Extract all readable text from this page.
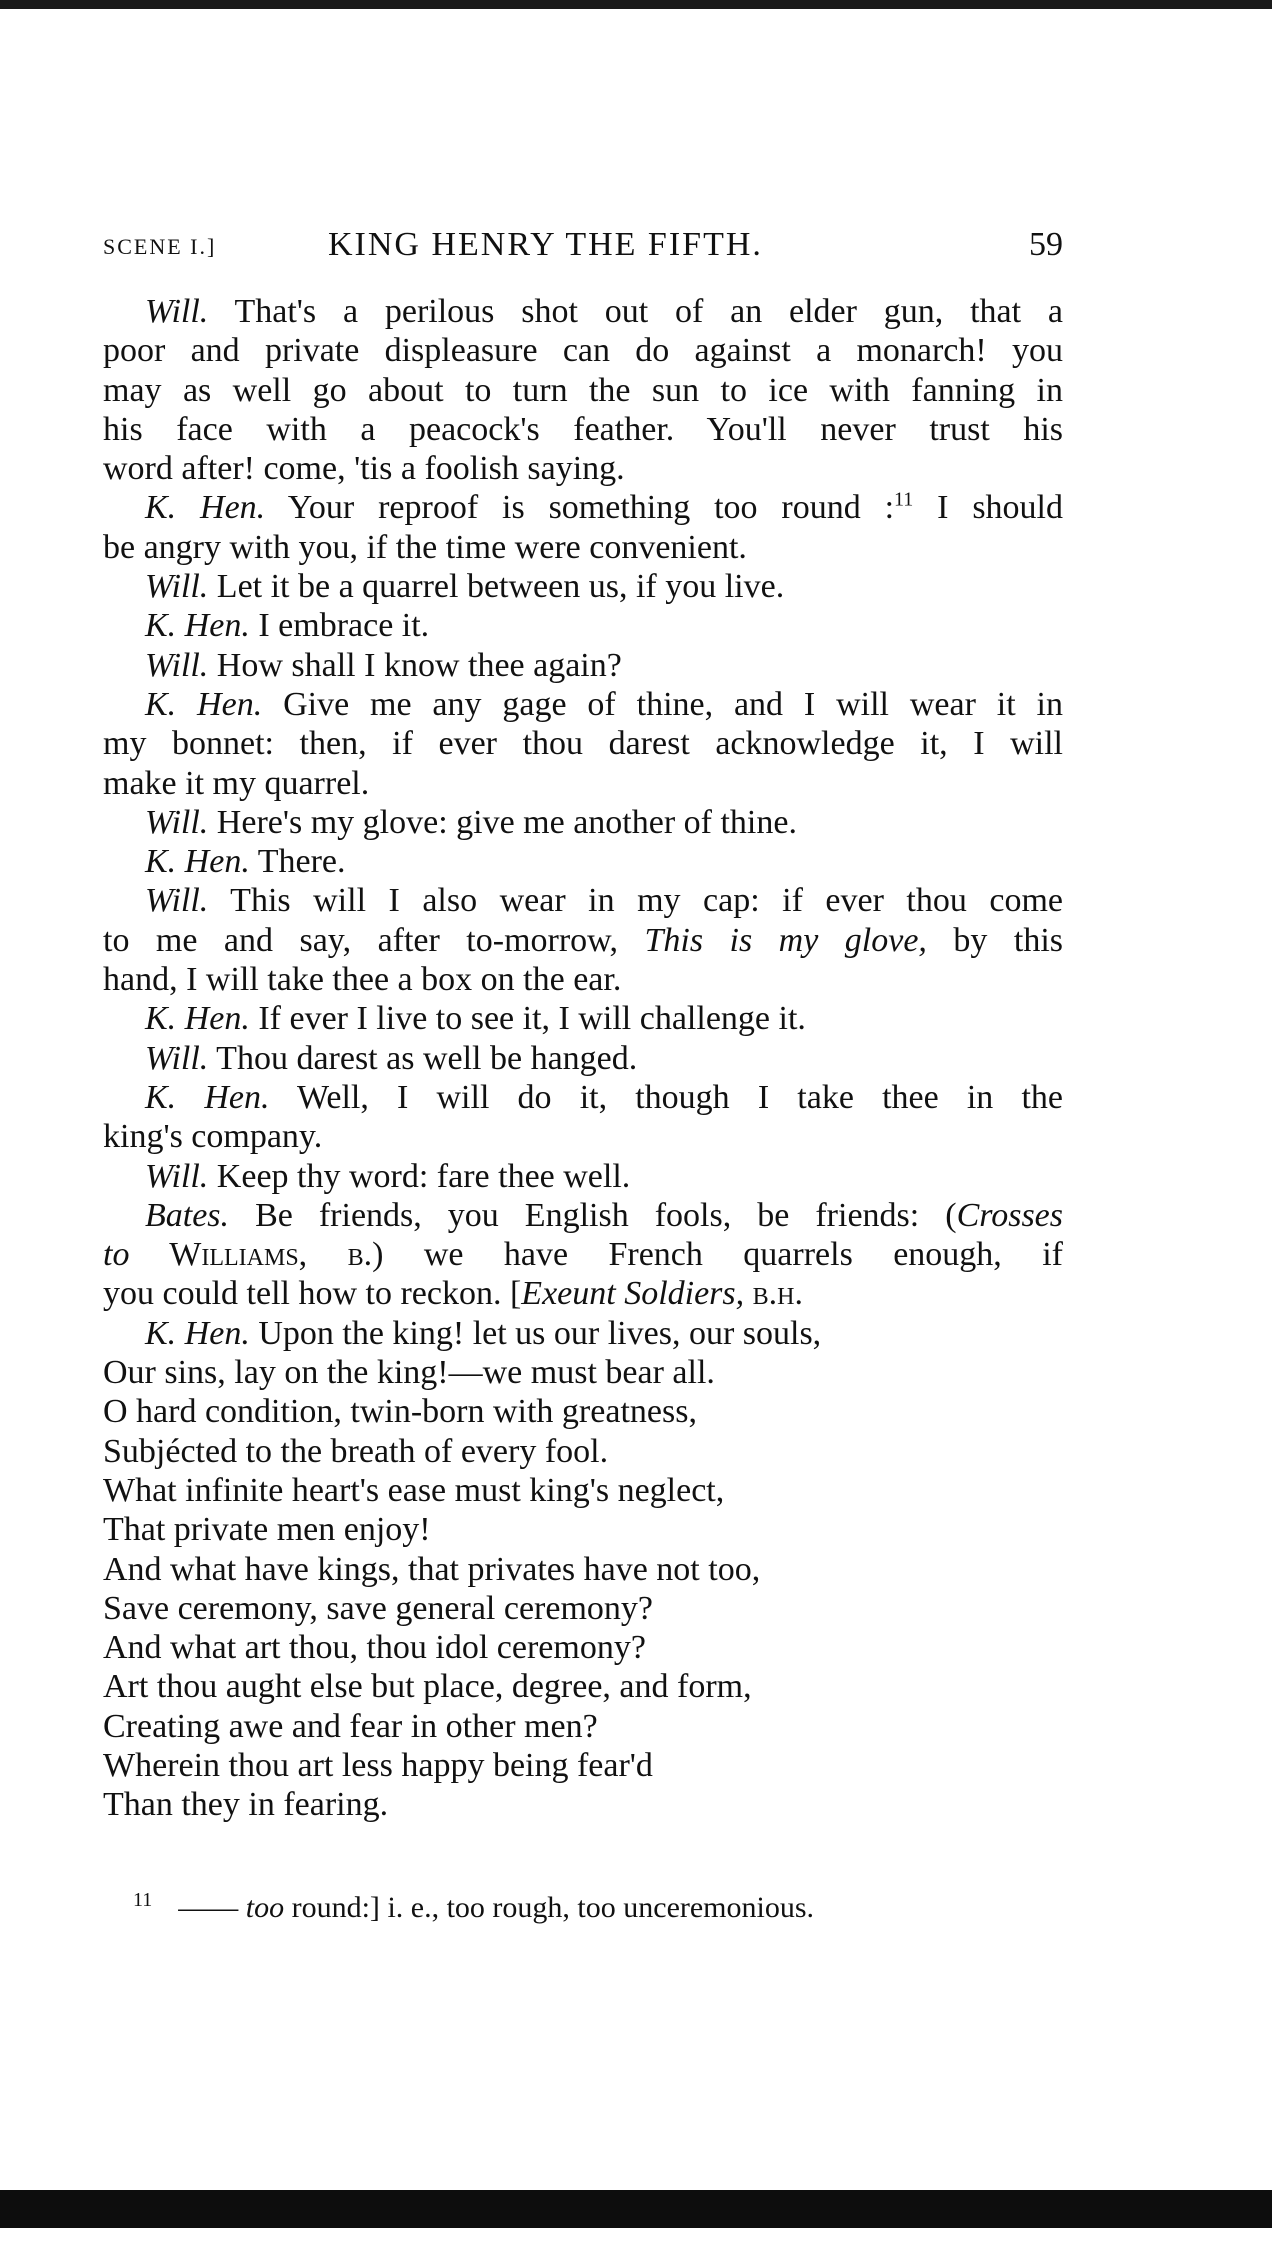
SCENE I.]	KING HENRY THE FIFTH.	59
Will. That's a perilous shot out of an elder gun, that a
poor and private displeasure can do against a monarch! you
may as well go about to turn the sun to ice with fanning in
his face with a peacock's feather. You'll never trust his
word after! come, 'tis a foolish saying.
K. Hen. Your reproof is something too round :$^{11}$ I should
be angry with you, if the time were convenient.
Will. Let it be a quarrel between us, if you live.
K. Hen. I embrace it.
Will. How shall I know thee again?
K. Hen. Give me any gage of thine, and I will wear it in
my bonnet: then, if ever thou darest acknowledge it, I will
make it my quarrel.
Will. Here's my glove: give me another of thine.
K. Hen. There.
Will. This will I also wear in my cap: if ever thou come
to me and say, after to-morrow, This is my glove, by this
hand, I will take thee a box on the ear.
K. Hen. If ever I live to see it, I will challenge it.
Will. Thou darest as well be hanged.
K. Hen. Well, I will do it, though I take thee in the
king's company.
Will. Keep thy word: fare thee well.
Bates. Be friends, you English fools, be friends: (Crosses
to Williams, b.) we have French quarrels enough, if
you could tell how to reckon. [Exeunt Soldiers, b.h.
K. Hen. Upon the king! let us our lives, our souls,
Our sins, lay on the king!—we must bear all.
O hard condition, twin-born with greatness,
Subjécted to the breath of every fool.
What infinite heart's ease must king's neglect,
That private men enjoy!
And what have kings, that privates have not too,
Save ceremony, save general ceremony?
And what art thou, thou idol ceremony?
Art thou aught else but place, degree, and form,
Creating awe and fear in other men?
Wherein thou art less happy being fear'd
Than they in fearing.
$^{11}$ —— too round:] i. e., too rough, too unceremonious.
